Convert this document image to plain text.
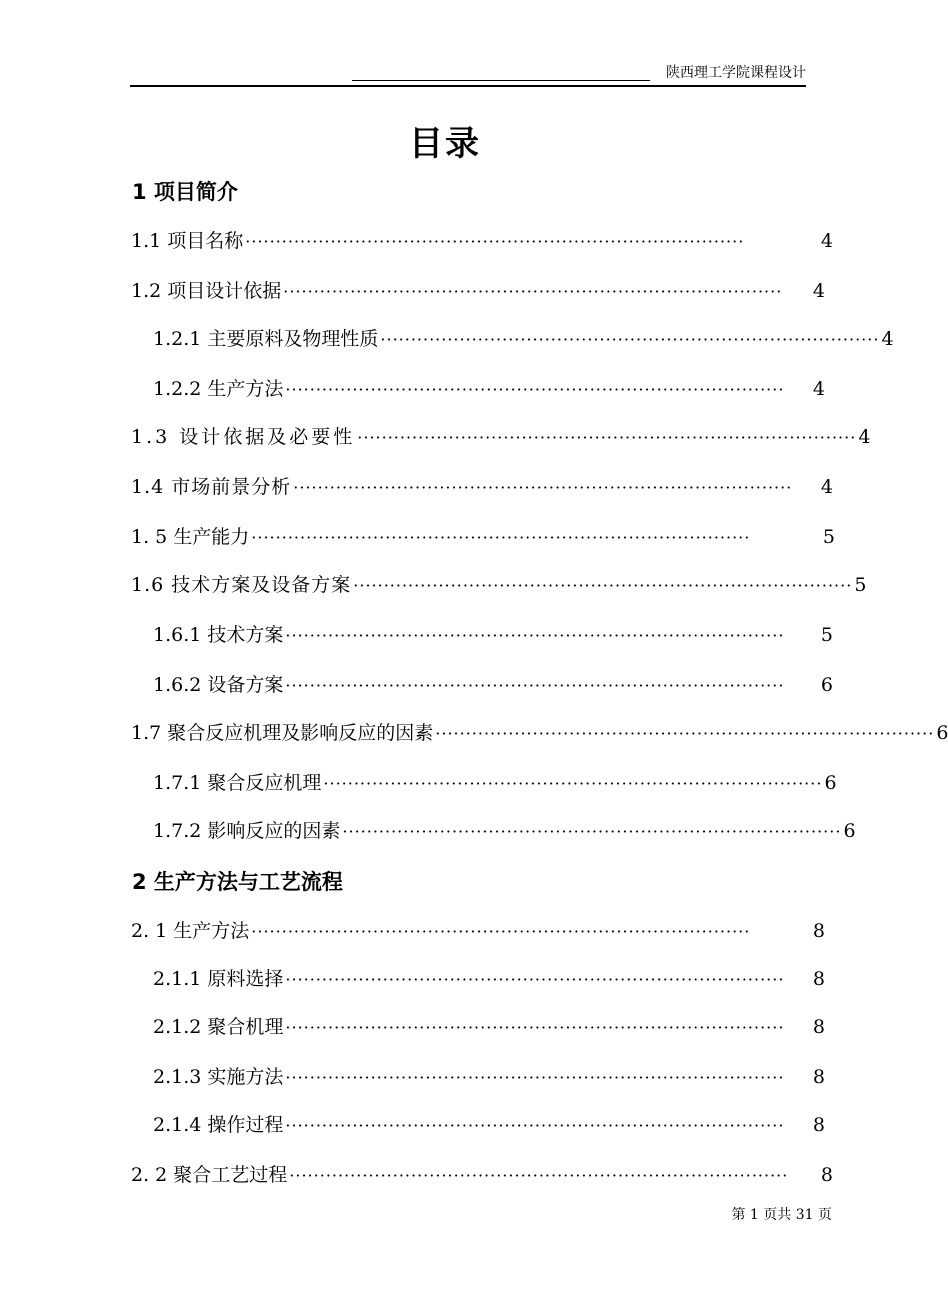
陕西理工学院课程设计
目录
1 项目简介
1.1 项目名称 ··················································································	4
1.2 项目设计依据 ··················································································	4
1.2.1 主要原料及物理性质 ·················································································· 4
1.2.2 生产方法 ··················································································	4
1.3 设计依据及必要性 ·················································································· 4
1.4 市场前景分析 ··················································································	4
1. 5 生产能力 ··················································································	5
1.6 技术方案及设备方案 ·················································································· 5
1.6.1 技术方案 ··················································································	5
1.6.2 设备方案 ··················································································	6
1.7 聚合反应机理及影响反应的因素 ·················································································· 6
1.7.1 聚合反应机理 ·················································································· 6
1.7.2 影响反应的因素 ·················································································· 6
2 生产方法与工艺流程
2. 1 生产方法 ··················································································	8
2.1.1 原料选择 ··················································································	8
2.1.2 聚合机理 ··················································································	8
2.1.3 实施方法 ··················································································	8
2.1.4 操作过程 ··················································································	8
2. 2 聚合工艺过程 ··················································································	8
第 1 页共 31 页
